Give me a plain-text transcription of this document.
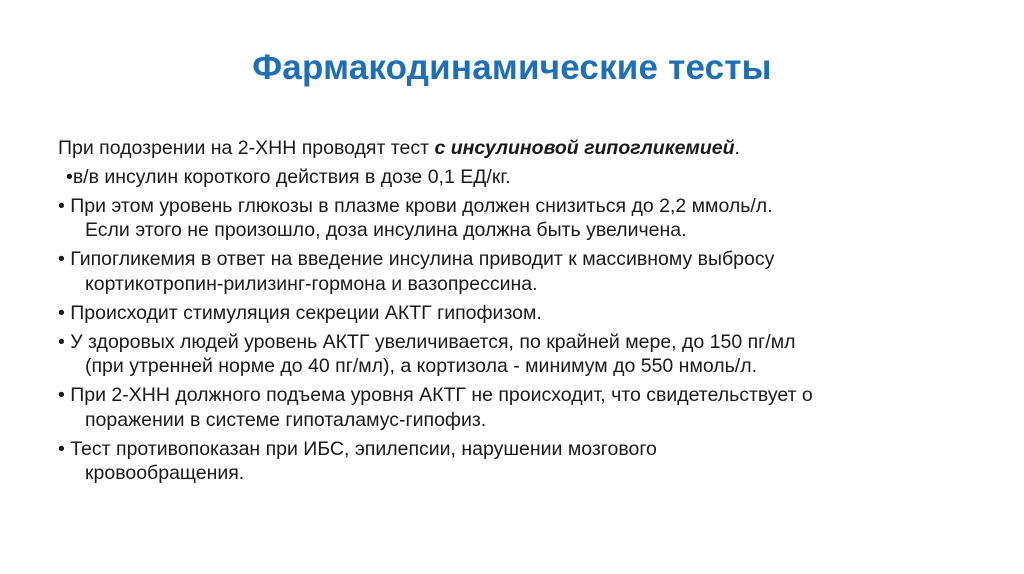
Фармакодинамические тесты

При подозрении на 2-ХНН проводят тест с инсулиновой гипогликемией.

•в/в инсулин короткого действия в дозе 0,1 ЕД/кг.
• При этом уровень глюкозы в плазме крови должен снизиться до 2,2 ммоль/л.
Если этого не произошло, доза инсулина должна быть увеличена.
• Гипогликемия в ответ на введение инсулина приводит к массивному выбросу
кортикотропин-рилизинг-гормона и вазопрессина.
• Происходит стимуляция секреции АКТГ гипофизом.
• У здоровых людей уровень АКТГ увеличивается, по крайней мере, до 150 пг/мл
(при утренней норме до 40 пг/мл), а кортизола - минимум до 550 нмоль/л.
• При 2-ХНН должного подъема уровня АКТГ не происходит, что свидетельствует о
поражении в системе гипоталамус-гипофиз.
• Тест противопоказан при ИБС, эпилепсии, нарушении мозгового
кровообращения.
